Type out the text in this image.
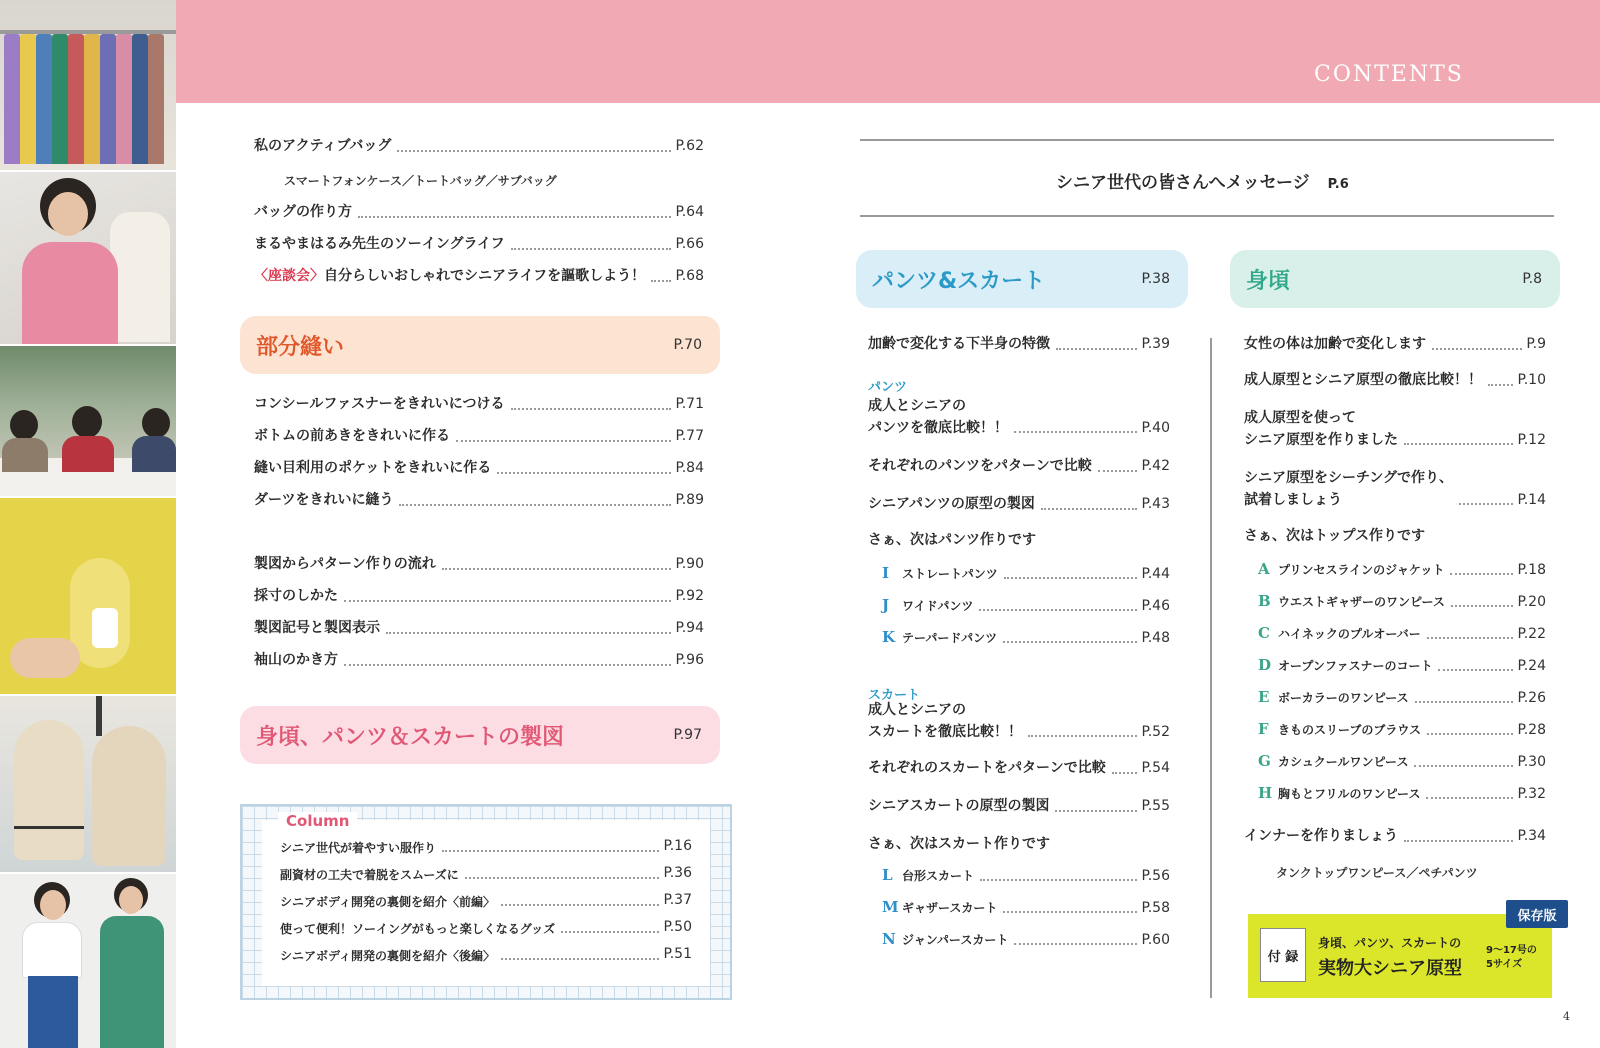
CONTENTS
私のアクティブバッグ	P.62
スマートフォンケース／トートバッグ／サブバッグ
バッグの作り方	P.64
まるやまはるみ先生のソーイングライフ	P.66
〈座談会〉自分らしいおしゃれでシニアライフを謳歌しよう！ P.68
部分縫い	P.70
コンシールファスナーをきれいにつける	P.71
ボトムの前あきをきれいに作る	P.77
縫い目利用のポケットをきれいに作る	P.84
ダーツをきれいに縫う	P.89
製図からパターン作りの流れ	P.90
採寸のしかた	P.92
製図記号と製図表示	P.94
袖山のかき方	P.96
身頃、パンツ＆スカートの製図	P.97
Column
シニア世代が着やすい服作り	P.16
副資材の工夫で着脱をスムーズに	P.36
シニアボディ開発の裏側を紹介〈前編〉	P.37
使って便利！ソーイングがもっと楽しくなるグッズ	P.50
シニアボディ開発の裏側を紹介〈後編〉	P.51
シニア世代の皆さんへメッセージ P.6
パンツ&スカート	P.38	身頃	P.8
加齢で変化する下半身の特徴	P.39
パンツ
成人とシニアの
パンツを徹底比較！！	P.40
それぞれのパンツをパターンで比較	P.42
シニアパンツの原型の製図	P.43
さぁ、次はパンツ作りです
I ストレートパンツ	P.44
J ワイドパンツ	P.46
K テーパードパンツ	P.48
スカート
成人とシニアの
スカートを徹底比較！！	P.52
それぞれのスカートをパターンで比較	P.54
シニアスカートの原型の製図	P.55
さぁ、次はスカート作りです
L 台形スカート	P.56
M ギャザースカート	P.58
N ジャンパースカート	P.60
女性の体は加齢で変化します	P.9
成人原型とシニア原型の徹底比較！！	P.10
成人原型を使って
シニア原型を作りました	P.12
シニア原型をシーチングで作り、
試着しましょう	P.14
さぁ、次はトップス作りです
A プリンセスラインのジャケット	P.18
B ウエストギャザーのワンピース	P.20
C ハイネックのプルオーバー	P.22
D オープンファスナーのコート	P.24
E ボーカラーのワンピース	P.26
F きものスリーブのブラウス	P.28
G カシュクールワンピース	P.30
H 胸もとフリルのワンピース	P.32
インナーを作りましょう	P.34
タンクトップワンピース／ペチパンツ
付 録
身頃、パンツ、スカートの
実物大シニア原型
9〜17号の
5サイズ
保存版
4
